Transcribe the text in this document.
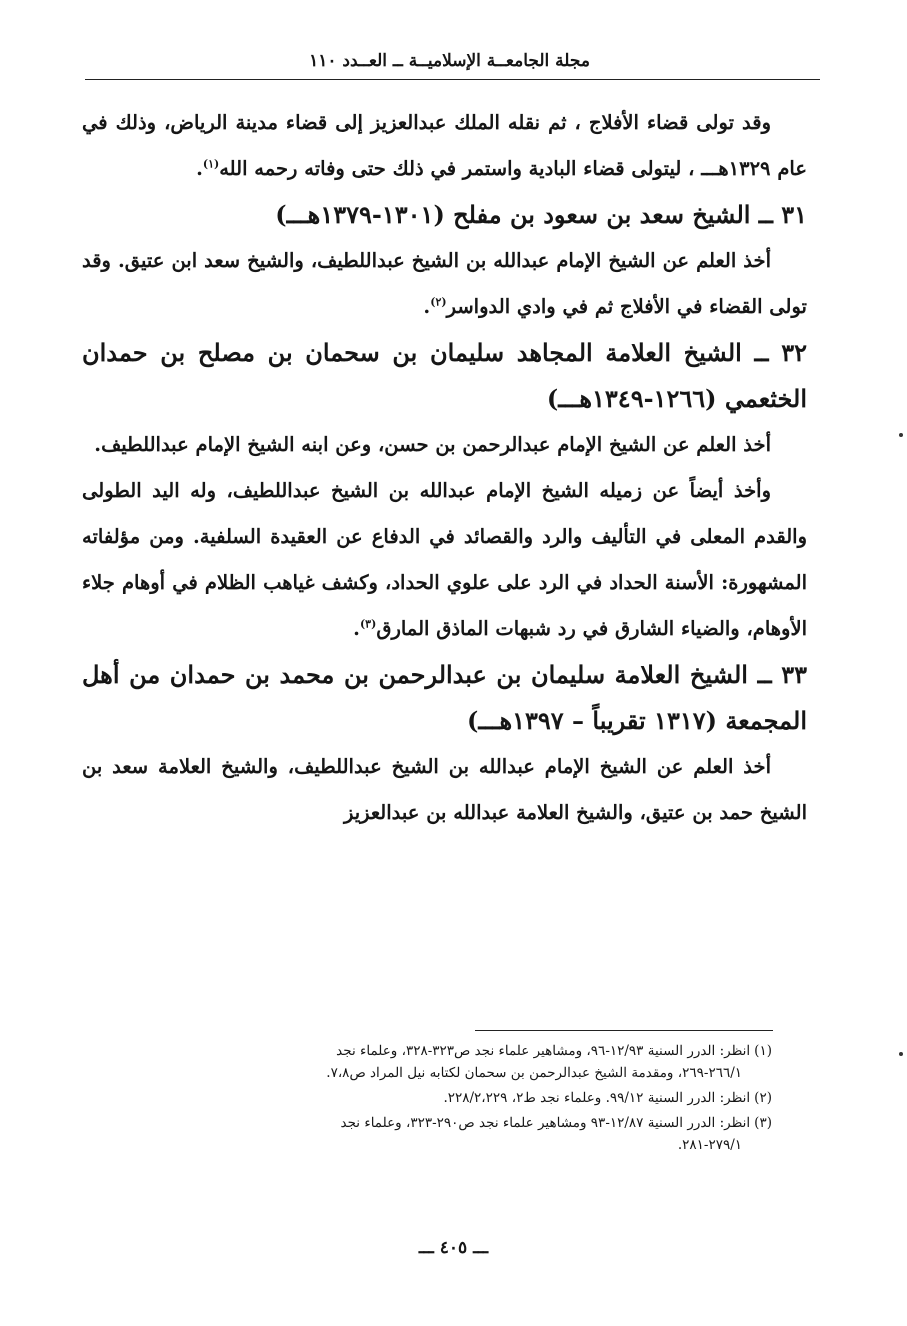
مجلة الجامعــة الإسلاميــة ــ العــدد ١١٠

وقد تولى قضاء الأفلاج ، ثم نقله الملك عبدالعزيز إلى قضاء مدينة الرياض، وذلك في عام ١٣٢٩هـــ ، ليتولى قضاء البادية واستمر في ذلك حتى وفاته رحمه الله$^{(١)}$.

٣١ ــ الشيخ سعد بن سعود بن مفلح (١٣٠١-١٣٧٩هـــ)

أخذ العلم عن الشيخ الإمام عبدالله بن الشيخ عبداللطيف، والشيخ سعد ابن عتيق. وقد تولى القضاء في الأفلاج ثم في وادي الدواسر$^{(٢)}$.

٣٢ ــ الشيخ العلامة المجاهد سليمان بن سحمان بن مصلح بن حمدان الخثعمي (١٢٦٦-١٣٤٩هـــ)

أخذ العلم عن الشيخ الإمام عبدالرحمن بن حسن، وعن ابنه الشيخ الإمام عبداللطيف.

وأخذ أيضاً عن زميله الشيخ الإمام عبدالله بن الشيخ عبداللطيف، وله اليد الطولى والقدم المعلى في التأليف والرد والقصائد في الدفاع عن العقيدة السلفية. ومن مؤلفاته المشهورة: الأسنة الحداد في الرد على علوي الحداد، وكشف غياهب الظلام في أوهام جلاء الأوهام، والضياء الشارق في رد شبهات الماذق المارق$^{(٣)}$.

٣٣ ــ الشيخ العلامة سليمان بن عبدالرحمن بن محمد بن حمدان من أهل المجمعة (١٣١٧ تقريباً – ١٣٩٧هـــ)

أخذ العلم عن الشيخ الإمام عبدالله بن الشيخ عبداللطيف، والشيخ العلامة سعد بن الشيخ حمد بن عتيق، والشيخ العلامة عبدالله بن عبدالعزيز

(١)انظر: الدرر السنية ١٢/٩٣-٩٦، ومشاهير علماء نجد ص٣٢٣-٣٢٨، وعلماء نجد
٢٦٦/١-٢٦٩، ومقدمة الشيخ عبدالرحمن بن سحمان لكتابه نيل المراد ص٧،٨.

(٢)انظر: الدرر السنية ٩٩/١٢. وعلماء نجد ط٢، ٢٢٨/٢،٢٢٩.

(٣)انظر: الدرر السنية ١٢/٨٧-٩٣ ومشاهير علماء نجد ص٢٩٠-٣٢٣، وعلماء نجد
٢٧٩/١-٢٨١.

ـــ ٤٠٥ ـــ
